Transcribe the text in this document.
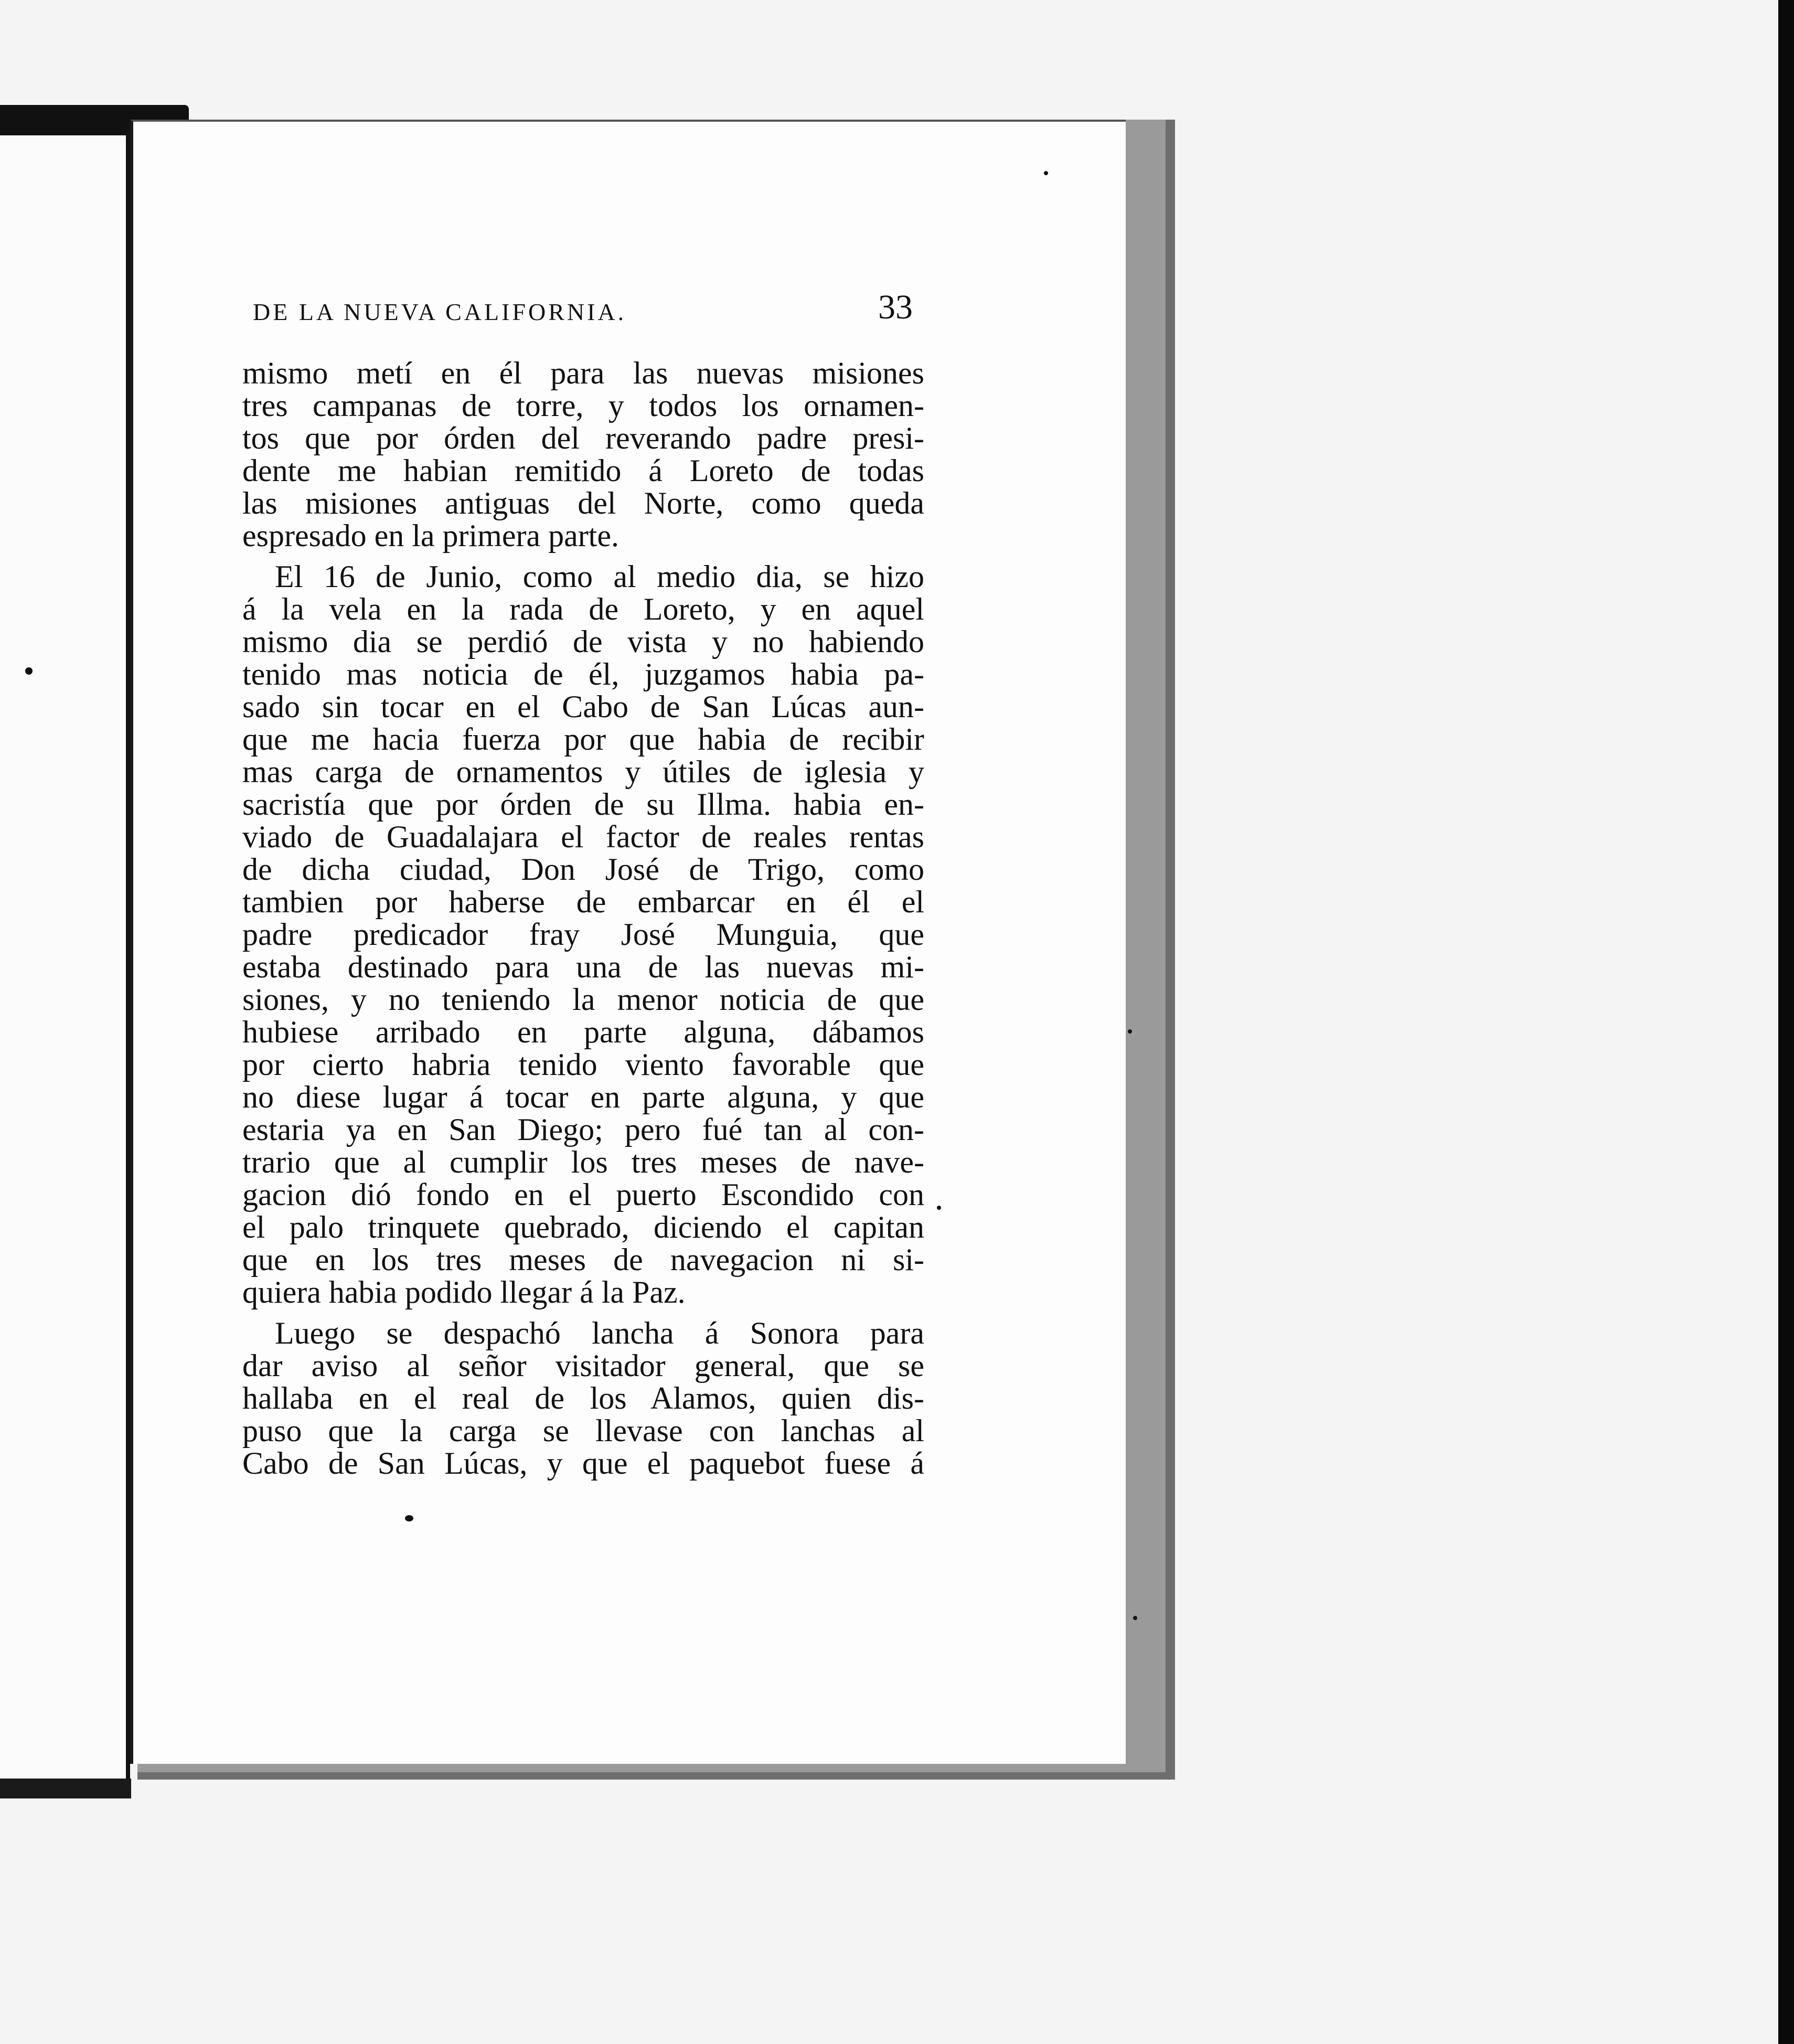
DE LA NUEVA CALIFORNIA.	33
mismo metí en él para las nuevas misiones
tres campanas de torre, y todos los ornamen-
tos que por órden del reverando padre presi-
dente me habian remitido á Loreto de todas
las misiones antiguas del Norte, como queda
espresado en la primera parte.
El 16 de Junio, como al medio dia, se hizo
á la vela en la rada de Loreto, y en aquel
mismo dia se perdió de vista y no habiendo
tenido mas noticia de él, juzgamos habia pa-
sado sin tocar en el Cabo de San Lúcas aun-
que me hacia fuerza por que habia de recibir
mas carga de ornamentos y útiles de iglesia y
sacristía que por órden de su Illma. habia en-
viado de Guadalajara el factor de reales rentas
de dicha ciudad, Don José de Trigo, como
tambien por haberse de embarcar en él el
padre predicador fray José Munguia, que
estaba destinado para una de las nuevas mi-
siones, y no teniendo la menor noticia de que
hubiese arribado en parte alguna, dábamos
por cierto habria tenido viento favorable que
no diese lugar á tocar en parte alguna, y que
estaria ya en San Diego; pero fué tan al con-
trario que al cumplir los tres meses de nave-
gacion dió fondo en el puerto Escondido con
el palo trinquete quebrado, diciendo el capitan
que en los tres meses de navegacion ni si-
quiera habia podido llegar á la Paz.
Luego se despachó lancha á Sonora para
dar aviso al señor visitador general, que se
hallaba en el real de los Alamos, quien dis-
puso que la carga se llevase con lanchas al
Cabo de San Lúcas, y que el paquebot fuese á
